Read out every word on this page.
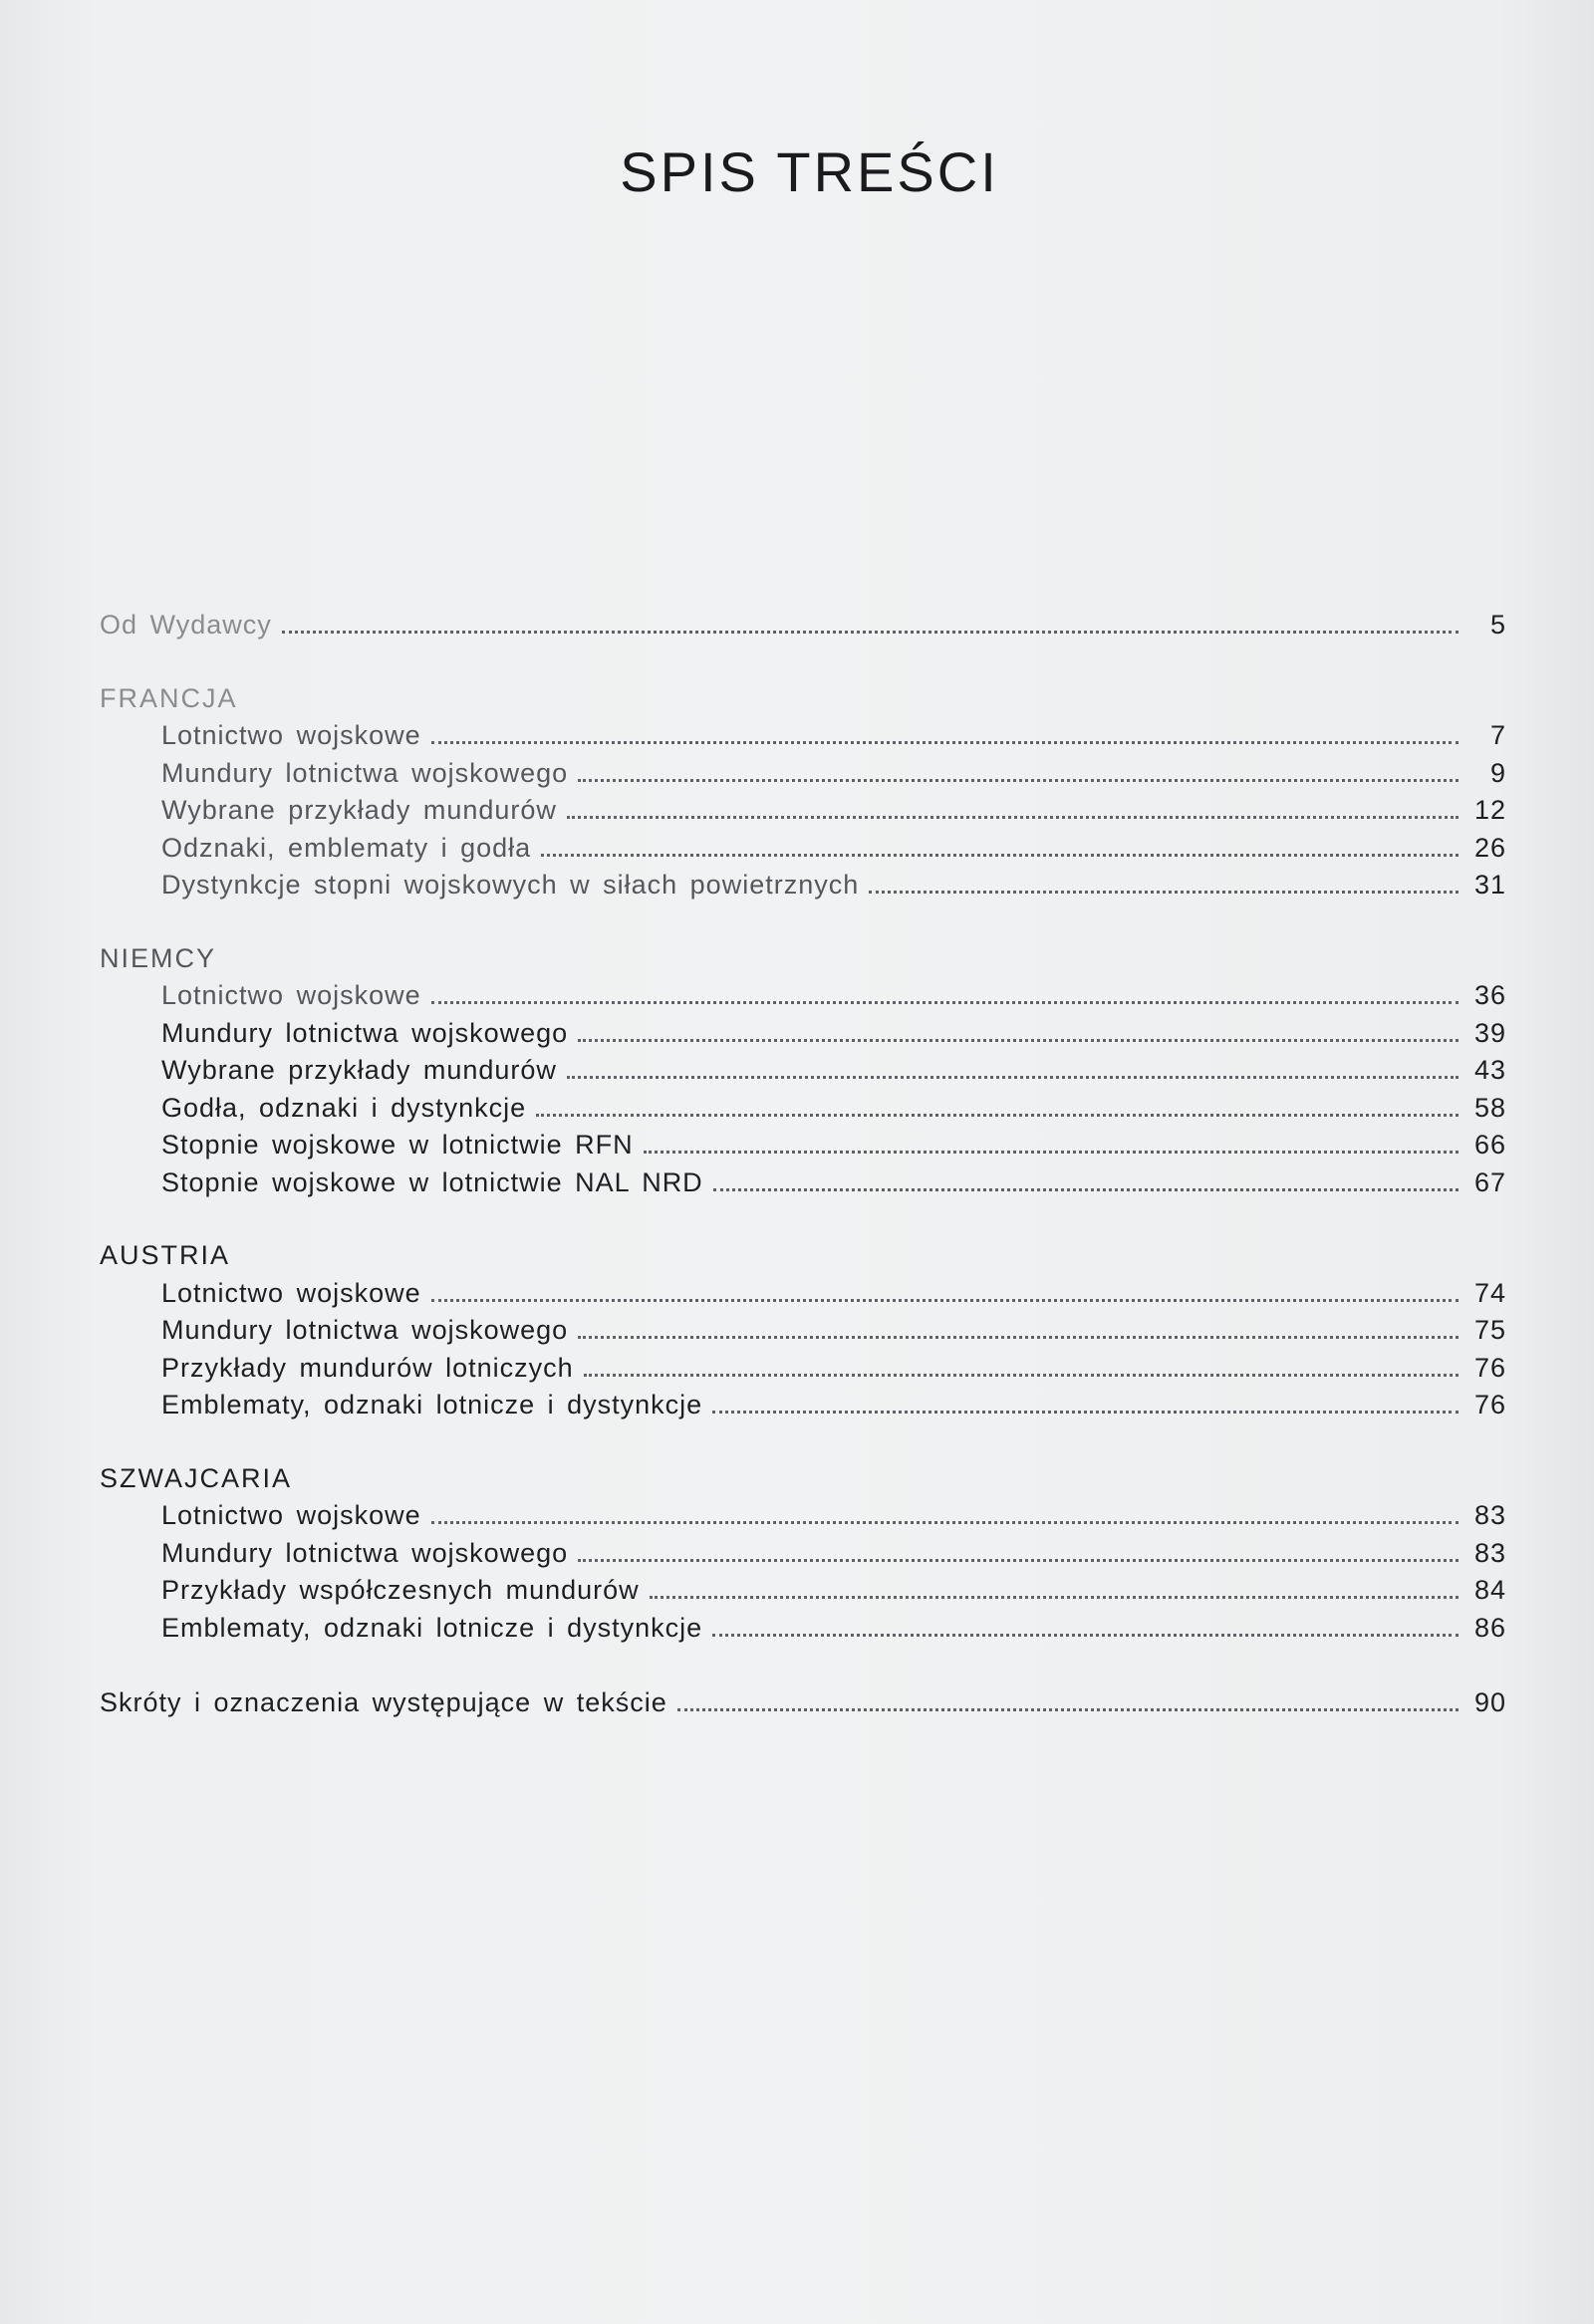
SPIS TREŚCI
Od Wydawcy	5
FRANCJA
Lotnictwo wojskowe	7
Mundury lotnictwa wojskowego	9
Wybrane przykłady mundurów	12
Odznaki, emblematy i godła	26
Dystynkcje stopni wojskowych w siłach powietrznych	31
NIEMCY
Lotnictwo wojskowe	36
Mundury lotnictwa wojskowego	39
Wybrane przykłady mundurów	43
Godła, odznaki i dystynkcje	58
Stopnie wojskowe w lotnictwie RFN	66
Stopnie wojskowe w lotnictwie NAL NRD	67
AUSTRIA
Lotnictwo wojskowe	74
Mundury lotnictwa wojskowego	75
Przykłady mundurów lotniczych	76
Emblematy, odznaki lotnicze i dystynkcje	76
SZWAJCARIA
Lotnictwo wojskowe	83
Mundury lotnictwa wojskowego	83
Przykłady współczesnych mundurów	84
Emblematy, odznaki lotnicze i dystynkcje	86
Skróty i oznaczenia występujące w tekście	90
